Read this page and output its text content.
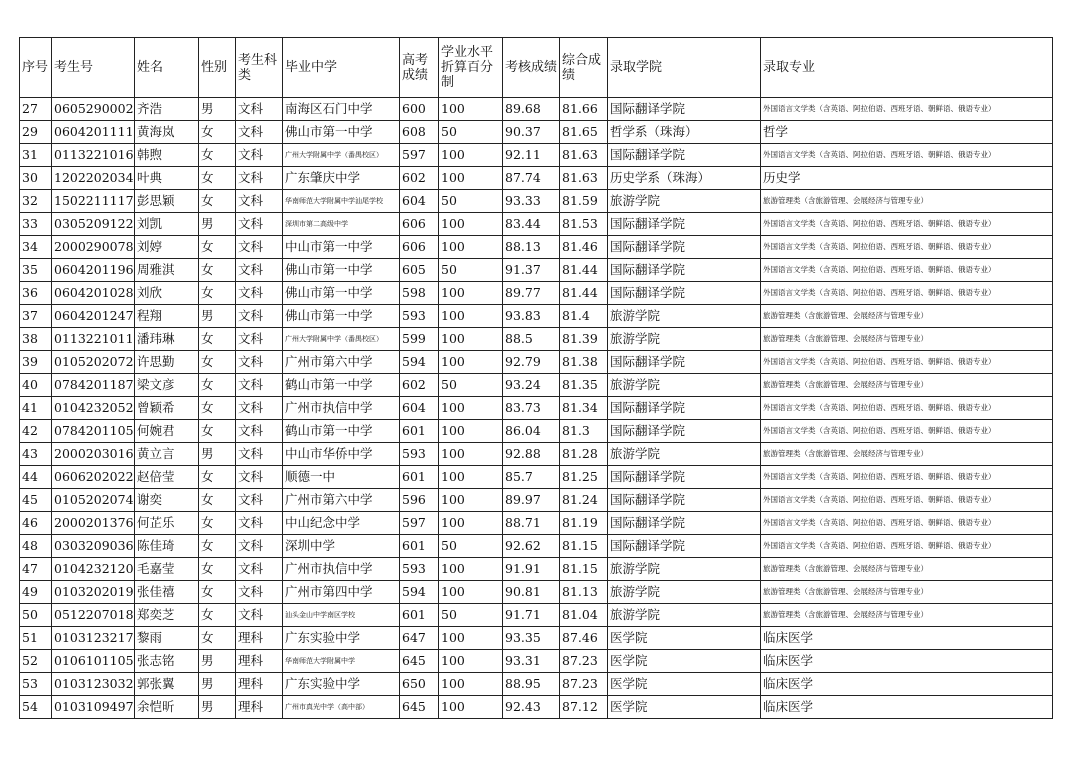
序号	考生号	姓名	性别	考生科类	毕业中学	高考成绩	学业水平折算百分制	考核成绩	综合成绩	录取学院	录取专业
27	0605290002	齐浩	男	文科	南海区石门中学	600	100	89.68	81.66	国际翻译学院	外国语言文学类（含英语、阿拉伯语、西班牙语、朝鲜语、俄语专业）
29	0604201111	黄海岚	女	文科	佛山市第一中学	608	50	90.37	81.65	哲学系（珠海）	哲学
31	0113221016	韩煦	女	文科	广州大学附属中学（番禺校区）	597	100	92.11	81.63	国际翻译学院	外国语言文学类（含英语、阿拉伯语、西班牙语、朝鲜语、俄语专业）
30	1202202034	叶典	女	文科	广东肇庆中学	602	100	87.74	81.63	历史学系（珠海）	历史学
32	1502211117	彭思颖	女	文科	华南师范大学附属中学汕尾学校	604	50	93.33	81.59	旅游学院	旅游管理类（含旅游管理、会展经济与管理专业）
33	0305209122	刘凯	男	文科	深圳市第二高级中学	606	100	83.44	81.53	国际翻译学院	外国语言文学类（含英语、阿拉伯语、西班牙语、朝鲜语、俄语专业）
34	2000290078	刘婷	女	文科	中山市第一中学	606	100	88.13	81.46	国际翻译学院	外国语言文学类（含英语、阿拉伯语、西班牙语、朝鲜语、俄语专业）
35	0604201196	周雅淇	女	文科	佛山市第一中学	605	50	91.37	81.44	国际翻译学院	外国语言文学类（含英语、阿拉伯语、西班牙语、朝鲜语、俄语专业）
36	0604201028	刘欣	女	文科	佛山市第一中学	598	100	89.77	81.44	国际翻译学院	外国语言文学类（含英语、阿拉伯语、西班牙语、朝鲜语、俄语专业）
37	0604201247	程翔	男	文科	佛山市第一中学	593	100	93.83	81.4	旅游学院	旅游管理类（含旅游管理、会展经济与管理专业）
38	0113221011	潘玮琳	女	文科	广州大学附属中学（番禺校区）	599	100	88.5	81.39	旅游学院	旅游管理类（含旅游管理、会展经济与管理专业）
39	0105202072	许思勤	女	文科	广州市第六中学	594	100	92.79	81.38	国际翻译学院	外国语言文学类（含英语、阿拉伯语、西班牙语、朝鲜语、俄语专业）
40	0784201187	梁文彦	女	文科	鹤山市第一中学	602	50	93.24	81.35	旅游学院	旅游管理类（含旅游管理、会展经济与管理专业）
41	0104232052	曾颖希	女	文科	广州市执信中学	604	100	83.73	81.34	国际翻译学院	外国语言文学类（含英语、阿拉伯语、西班牙语、朝鲜语、俄语专业）
42	0784201105	何婉君	女	文科	鹤山市第一中学	601	100	86.04	81.3	国际翻译学院	外国语言文学类（含英语、阿拉伯语、西班牙语、朝鲜语、俄语专业）
43	2000203016	黄立言	男	文科	中山市华侨中学	593	100	92.88	81.28	旅游学院	旅游管理类（含旅游管理、会展经济与管理专业）
44	0606202022	赵倍莹	女	文科	顺德一中	601	100	85.7	81.25	国际翻译学院	外国语言文学类（含英语、阿拉伯语、西班牙语、朝鲜语、俄语专业）
45	0105202074	谢奕	女	文科	广州市第六中学	596	100	89.97	81.24	国际翻译学院	外国语言文学类（含英语、阿拉伯语、西班牙语、朝鲜语、俄语专业）
46	2000201376	何芷乐	女	文科	中山纪念中学	597	100	88.71	81.19	国际翻译学院	外国语言文学类（含英语、阿拉伯语、西班牙语、朝鲜语、俄语专业）
48	0303209036	陈佳琦	女	文科	深圳中学	601	50	92.62	81.15	国际翻译学院	外国语言文学类（含英语、阿拉伯语、西班牙语、朝鲜语、俄语专业）
47	0104232120	毛嘉莹	女	文科	广州市执信中学	593	100	91.91	81.15	旅游学院	旅游管理类（含旅游管理、会展经济与管理专业）
49	0103202019	张佳禧	女	文科	广州市第四中学	594	100	90.81	81.13	旅游学院	旅游管理类（含旅游管理、会展经济与管理专业）
50	0512207018	郑奕芝	女	文科	汕头金山中学南区学校	601	50	91.71	81.04	旅游学院	旅游管理类（含旅游管理、会展经济与管理专业）
51	0103123217	黎雨	女	理科	广东实验中学	647	100	93.35	87.46	医学院	临床医学
52	0106101105	张志铭	男	理科	华南师范大学附属中学	645	100	93.31	87.23	医学院	临床医学
53	0103123032	郭张翼	男	理科	广东实验中学	650	100	88.95	87.23	医学院	临床医学
54	0103109497	余恺昕	男	理科	广州市真光中学（高中部）	645	100	92.43	87.12	医学院	临床医学
